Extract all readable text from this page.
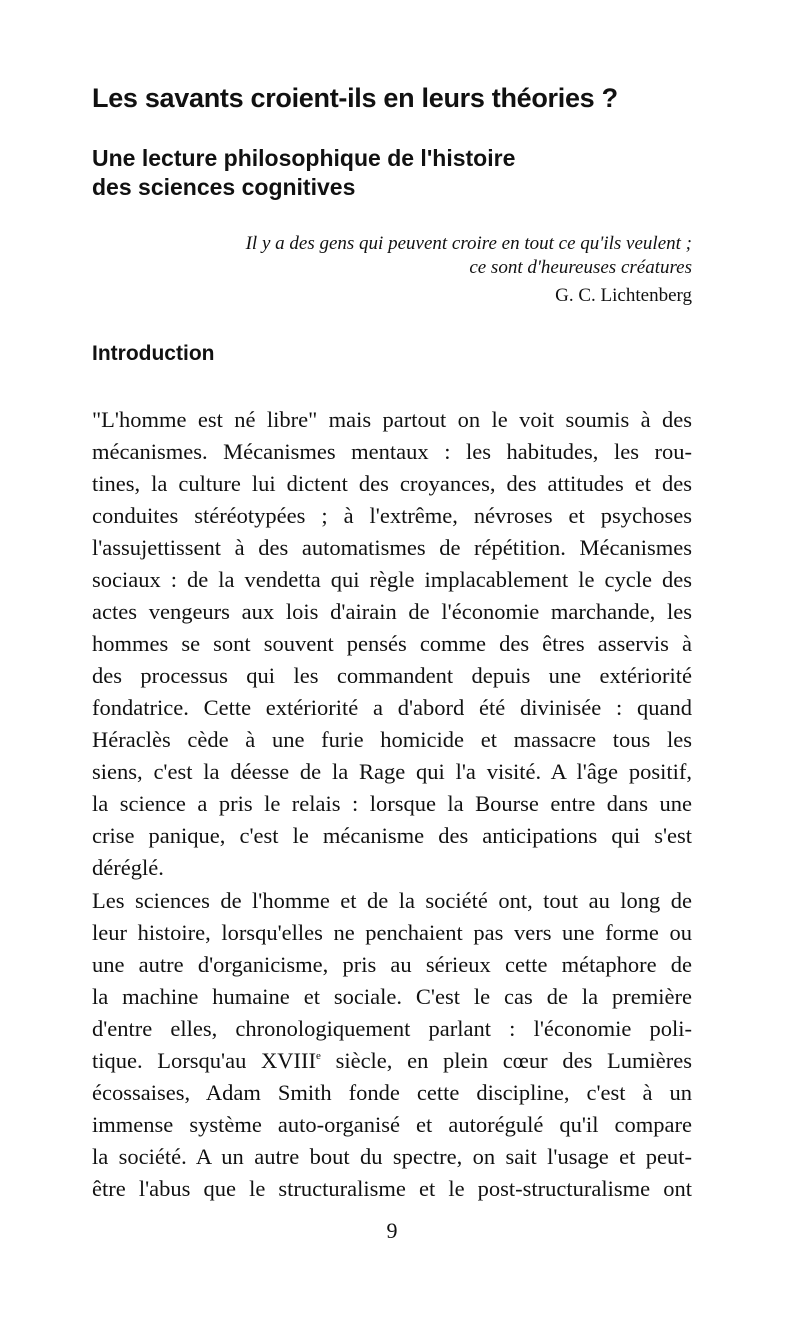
Les savants croient-ils en leurs théories ?
Une lecture philosophique de l'histoire
des sciences cognitives
Il y a des gens qui peuvent croire en tout ce qu'ils veulent ;
ce sont d'heureuses créatures
G. C. Lichtenberg
Introduction
"L'homme est né libre" mais partout on le voit soumis à des
mécanismes. Mécanismes mentaux : les habitudes, les rou-
tines, la culture lui dictent des croyances, des attitudes et des
conduites stéréotypées ; à l'extrême, névroses et psychoses
l'assujettissent à des automatismes de répétition. Mécanismes
sociaux : de la vendetta qui règle implacablement le cycle des
actes vengeurs aux lois d'airain de l'économie marchande, les
hommes se sont souvent pensés comme des êtres asservis à
des processus qui les commandent depuis une extériorité
fondatrice. Cette extériorité a d'abord été divinisée : quand
Héraclès cède à une furie homicide et massacre tous les
siens, c'est la déesse de la Rage qui l'a visité. A l'âge positif,
la science a pris le relais : lorsque la Bourse entre dans une
crise panique, c'est le mécanisme des anticipations qui s'est
déréglé.
Les sciences de l'homme et de la société ont, tout au long de
leur histoire, lorsqu'elles ne penchaient pas vers une forme ou
une autre d'organicisme, pris au sérieux cette métaphore de
la machine humaine et sociale. C'est le cas de la première
d'entre elles, chronologiquement parlant : l'économie poli-
tique. Lorsqu'au XVIIIe siècle, en plein cœur des Lumières
écossaises, Adam Smith fonde cette discipline, c'est à un
immense système auto-organisé et autorégulé qu'il compare
la société. A un autre bout du spectre, on sait l'usage et peut-
être l'abus que le structuralisme et le post-structuralisme ont
9
